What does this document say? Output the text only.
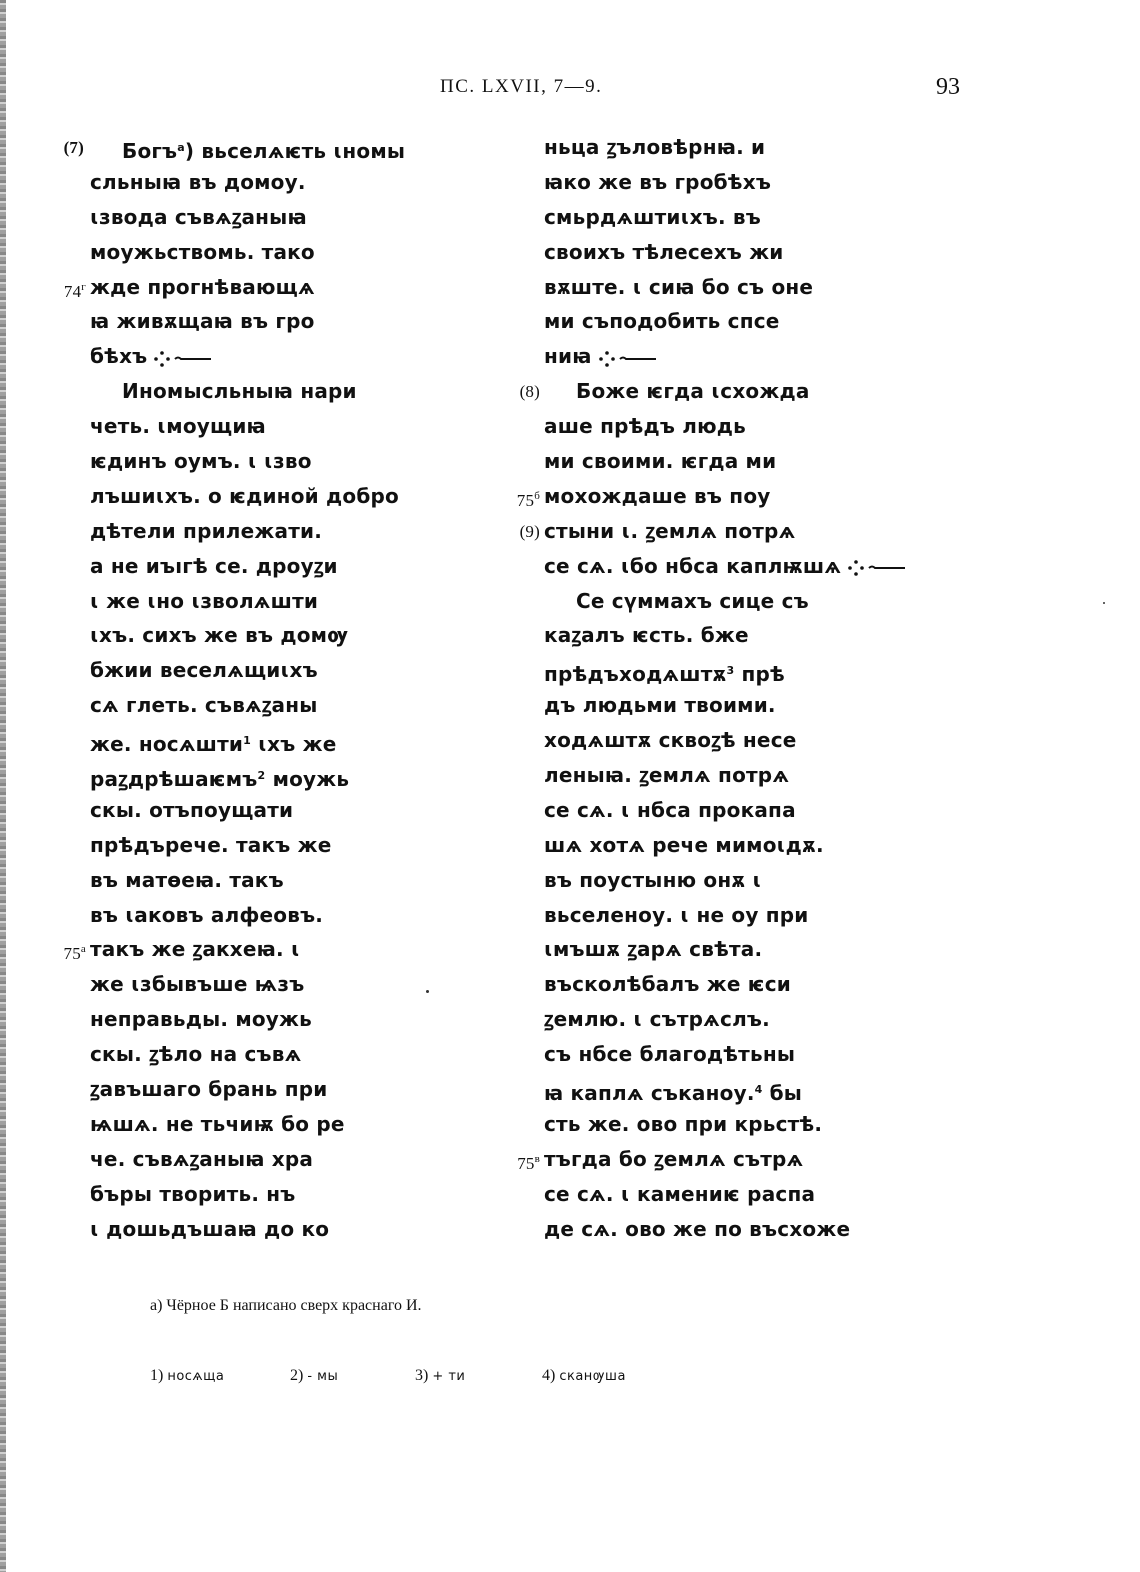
ПС. LXVII, 7—9.	93
(7) Богъ$^а$) вьселѧѥть ꙇномы
сльныꙗ въ домоу.
ꙇзвода съвѧꙁаныꙗ
моужьствомь. тако
$74^г$ жде прогнѣвающѧ
ꙗ живѫщаꙗ въ гро
бѣхъ
Иномысльныꙗ нари
четь. ꙇмоущиꙗ
ѥдинъ оумъ. ꙇ ꙇзво
лъшиꙇхъ. о ѥдиной добро
дѣтели прилежати.
а не иъıгѣ се. дроуꙁи
ꙇ же ꙇно ꙇзволѧшти
ꙇхъ. сихъ же въ домѹ
бжии веселѧщиꙇхъ
сѧ глеть. съвѧꙁаны
же. носѧшти$^1$ ꙇхъ же
раꙁдрѣшаѥмъ$^2$ моужь
скы. отъпоущати
прѣдърече. такъ же
въ матѳеꙗ. такъ
въ ꙇаковъ алфеовъ.
$75^а$ такъ же ꙁакхеꙗ. ꙇ
же ꙇзбывъше ѩзъ
неправьды. моужь
скы. ꙁѣло на съвѧ
ꙁавъшаго брань при
ѩшѧ. не тьчиѭ бо ре
че. съвѧꙁаныꙗ хра
бъры творить. нъ
ꙇ дошьдъшаꙗ до ко
ньца ꙁъловѣрнꙗ. и
ꙗко же въ гробѣхъ
смьрдѧштиꙇхъ. въ
своихъ тѣлесехъ жи
вѫште. ꙇ сиꙗ бо съ оне
ми съподобить спсе
ниꙗ
(8) Боже ѥгда ꙇсхожда
аше прѣдъ людь
ми своими. ѥгда ми
$75^б$ мохождаше въ поу
(9) стыни ꙇ. ꙁемлѧ потрѧ
се сѧ. ꙇбо нбса каплѭшѧ
Се сүммахъ сице съ
каꙁалъ ѥсть. бже
прѣдъходѧштѫ$^3$ прѣ
дъ людьми твоими.
ходѧштѫ сквоꙁѣ несе
леныꙗ. ꙁемлѧ потрѧ
се сѧ. ꙇ нбса прокапа
шѧ хотѧ рече мимоꙇдѫ.
въ поустыню онѫ ꙇ
вьселеноу. ꙇ не оу при
ꙇмъшѫ ꙁарѧ свѣта.
въсколѣбалъ же ѥси
ꙁемлю. ꙇ сътрѧслъ.
съ нбсе благодѣтьны
ꙗ каплѧ съканоу.$^4$ бы
сть же. ово при крьстѣ.
$75^в$ тъгда бо ꙁемлѧ сътрѧ
се сѧ. ꙇ камениѥ распа
де сѧ. ово же по въсхоже
а) Чёрное Б написано сверх краснаго И.
1) носѧща	2) - мы	3) + ти	4) сканѹша
